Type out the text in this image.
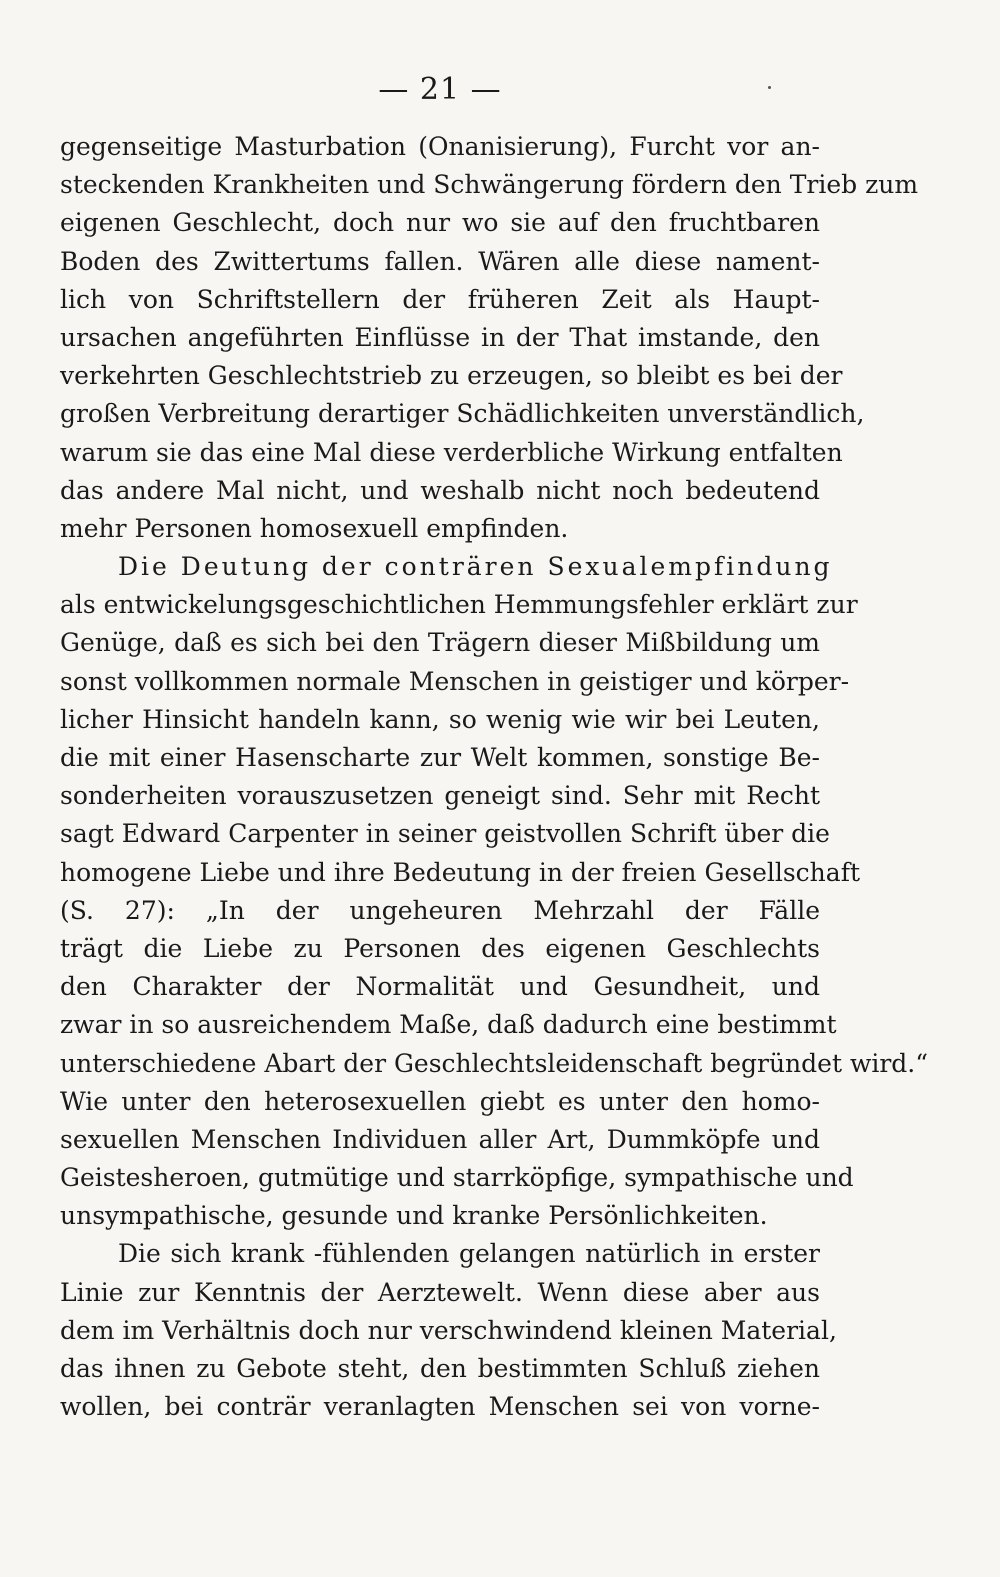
— 21 —
gegenseitige Masturbation (Onanisierung), Furcht vor an-
steckenden Krankheiten und Schwängerung fördern den Trieb zum
eigenen Geschlecht, doch nur wo sie auf den fruchtbaren
Boden des Zwittertums fallen. Wären alle diese nament-
lich von Schriftstellern der früheren Zeit als Haupt-
ursachen angeführten Einflüsse in der That imstande, den
verkehrten Geschlechtstrieb zu erzeugen, so bleibt es bei der
großen Verbreitung derartiger Schädlichkeiten unverständlich,
warum sie das eine Mal diese verderbliche Wirkung entfalten
das andere Mal nicht, und weshalb nicht noch bedeutend
mehr Personen homosexuell empfinden.
Die Deutung der conträren Sexualempfindung
als entwickelungsgeschichtlichen Hemmungsfehler erklärt zur
Genüge, daß es sich bei den Trägern dieser Mißbildung um
sonst vollkommen normale Menschen in geistiger und körper-
licher Hinsicht handeln kann, so wenig wie wir bei Leuten,
die mit einer Hasenscharte zur Welt kommen, sonstige Be-
sonderheiten vorauszusetzen geneigt sind. Sehr mit Recht
sagt Edward Carpenter in seiner geistvollen Schrift über die
homogene Liebe und ihre Bedeutung in der freien Gesellschaft
(S. 27): „In der ungeheuren Mehrzahl der Fälle
trägt die Liebe zu Personen des eigenen Geschlechts
den Charakter der Normalität und Gesundheit, und
zwar in so ausreichendem Maße, daß dadurch eine bestimmt
unterschiedene Abart der Geschlechtsleidenschaft begründet wird.“
Wie unter den heterosexuellen giebt es unter den homo-
sexuellen Menschen Individuen aller Art, Dummköpfe und
Geistesheroen, gutmütige und starrköpfige, sympathische und
unsympathische, gesunde und kranke Persönlichkeiten.
Die sich krank -fühlenden gelangen natürlich in erster
Linie zur Kenntnis der Aerztewelt. Wenn diese aber aus
dem im Verhältnis doch nur verschwindend kleinen Material,
das ihnen zu Gebote steht, den bestimmten Schluß ziehen
wollen, bei conträr veranlagten Menschen sei von vorne-
